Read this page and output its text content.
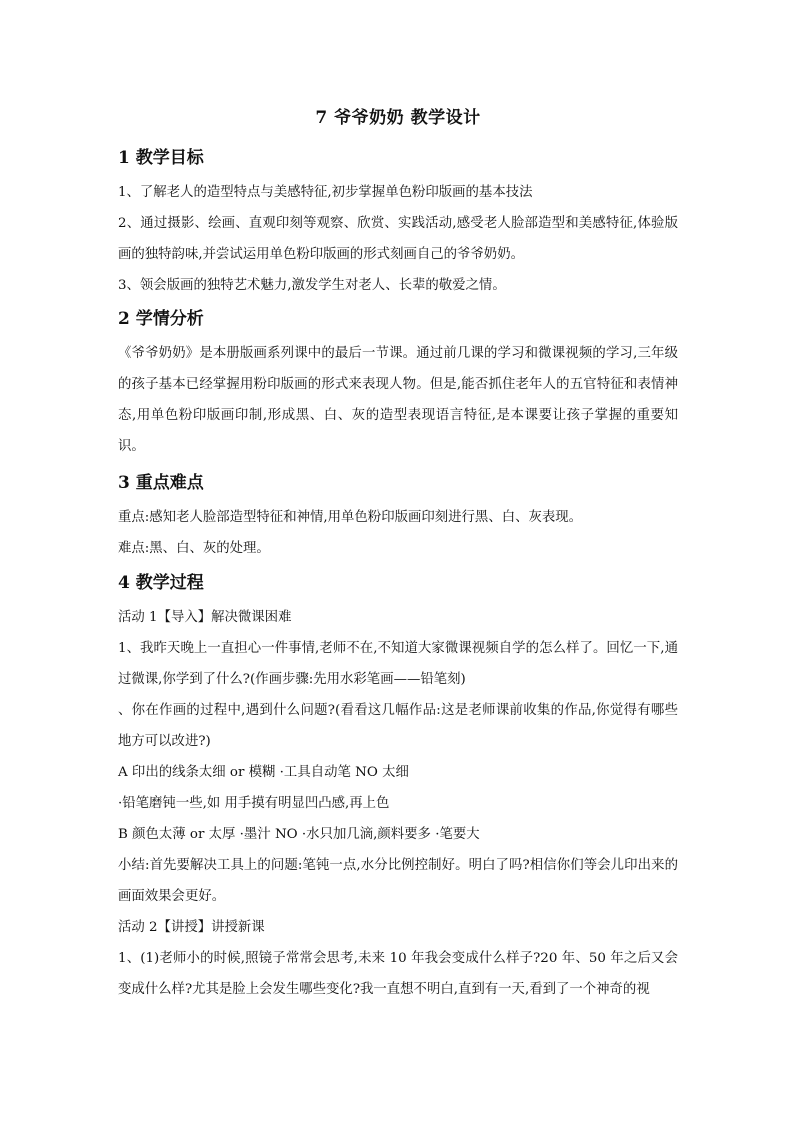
7 爷爷奶奶 教学设计
1 教学目标

1、了解老人的造型特点与美感特征,初步掌握单色粉印版画的基本技法

2、通过摄影、绘画、直观印刻等观察、欣赏、实践活动,感受老人脸部造型和美感特征,体验版画的独特韵味,并尝试运用单色粉印版画的形式刻画自己的爷爷奶奶。

3、领会版画的独特艺术魅力,激发学生对老人、长辈的敬爱之情。

2 学情分析

《爷爷奶奶》是本册版画系列课中的最后一节课。通过前几课的学习和微课视频的学习,三年级的孩子基本已经掌握用粉印版画的形式来表现人物。但是,能否抓住老年人的五官特征和表情神态,用单色粉印版画印制,形成黑、白、灰的造型表现语言特征,是本课要让孩子掌握的重要知识。

3 重点难点

重点:感知老人脸部造型特征和神情,用单色粉印版画印刻进行黑、白、灰表现。

难点:黑、白、灰的处理。

4 教学过程

活动 1【导入】解决微课困难

1、我昨天晚上一直担心一件事情,老师不在,不知道大家微课视频自学的怎么样了。回忆一下,通过微课,你学到了什么?(作画步骤:先用水彩笔画——铅笔刻)

、你在作画的过程中,遇到什么问题?(看看这几幅作品:这是老师课前收集的作品,你觉得有哪些地方可以改进?)

A 印出的线条太细 or 模糊 ·工具自动笔 NO 太细

·铅笔磨钝一些,如 用手摸有明显凹凸感,再上色

B 颜色太薄 or 太厚 ·墨汁 NO ·水只加几滴,颜料要多 ·笔要大

小结:首先要解决工具上的问题:笔钝一点,水分比例控制好。明白了吗?相信你们等会儿印出来的画面效果会更好。

活动 2【讲授】讲授新课

1、(1)老师小的时候,照镜子常常会思考,未来 10 年我会变成什么样子?20 年、50 年之后又会变成什么样?尤其是脸上会发生哪些变化?我一直想不明白,直到有一天,看到了一个神奇的视
